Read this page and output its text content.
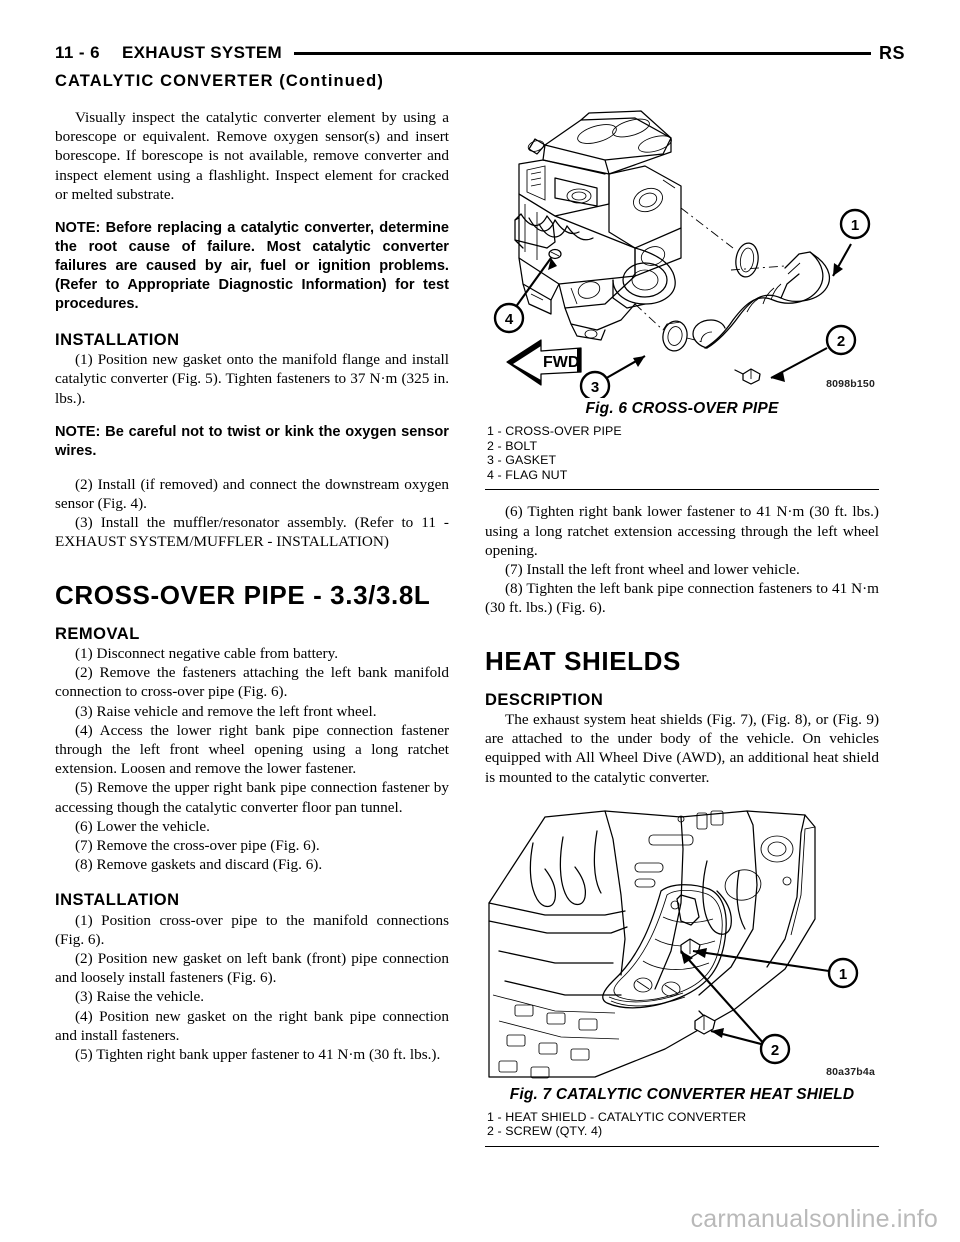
11 - 6 EXHAUST SYSTEM	RS
CATALYTIC CONVERTER (Continued)

Visually inspect the catalytic converter element by using a borescope or equivalent. Remove oxygen sensor(s) and insert borescope. If borescope is not available, remove converter and inspect element using a flashlight. Inspect element for cracked or melted substrate.

NOTE: Before replacing a catalytic converter, determine the root cause of failure. Most catalytic converter failures are caused by air, fuel or ignition problems. (Refer to Appropriate Diagnostic Information) for test procedures.

INSTALLATION

(1) Position new gasket onto the manifold flange and install catalytic converter (Fig. 5). Tighten fasteners to 37 N·m (325 in. lbs.).

NOTE: Be careful not to twist or kink the oxygen sensor wires.

(2) Install (if removed) and connect the downstream oxygen sensor (Fig. 4).

(3) Install the muffler/resonator assembly. (Refer to 11 - EXHAUST SYSTEM/MUFFLER - INSTALLATION)

CROSS-OVER PIPE - 3.3/3.8L
REMOVAL
(1) Disconnect negative cable from battery.
(2) Remove the fasteners attaching the left bank manifold connection to cross-over pipe (Fig. 6).
(3) Raise vehicle and remove the left front wheel.
(4) Access the lower right bank pipe connection fastener through the left front wheel opening using a long ratchet extension. Loosen and remove the lower fastener.
(5) Remove the upper right bank pipe connection fastener by accessing though the catalytic converter floor pan tunnel.
(6) Lower the vehicle.
(7) Remove the cross-over pipe (Fig. 6).
(8) Remove gaskets and discard (Fig. 6).
INSTALLATION
(1) Position cross-over pipe to the manifold connections (Fig. 6).
(2) Position new gasket on left bank (front) pipe connection and loosely install fasteners (Fig. 6).
(3) Raise the vehicle.
(4) Position new gasket on the right bank pipe connection and install fasteners.
(5) Tighten right bank upper fastener to 41 N·m (30 ft. lbs.).
FWD
1
2
3
4
8098b150
Fig. 6 CROSS-OVER PIPE
1 - CROSS-OVER PIPE
2 - BOLT
3 - GASKET
4 - FLAG NUT
(6) Tighten right bank lower fastener to 41 N·m (30 ft. lbs.) using a long ratchet extension accessing through the left wheel opening.
(7) Install the left front wheel and lower vehicle.
(8) Tighten the left bank pipe connection fasteners to 41 N·m (30 ft. lbs.) (Fig. 6).
HEAT SHIELDS
DESCRIPTION

The exhaust system heat shields (Fig. 7), (Fig. 8), or (Fig. 9) are attached to the under body of the vehicle. On vehicles equipped with All Wheel Dive (AWD), an additional heat shield is mounted to the catalytic converter.

1
2
80a37b4a
Fig. 7 CATALYTIC CONVERTER HEAT SHIELD
1 - HEAT SHIELD - CATALYTIC CONVERTER
2 - SCREW (QTY. 4)
carmanualsonline.info
